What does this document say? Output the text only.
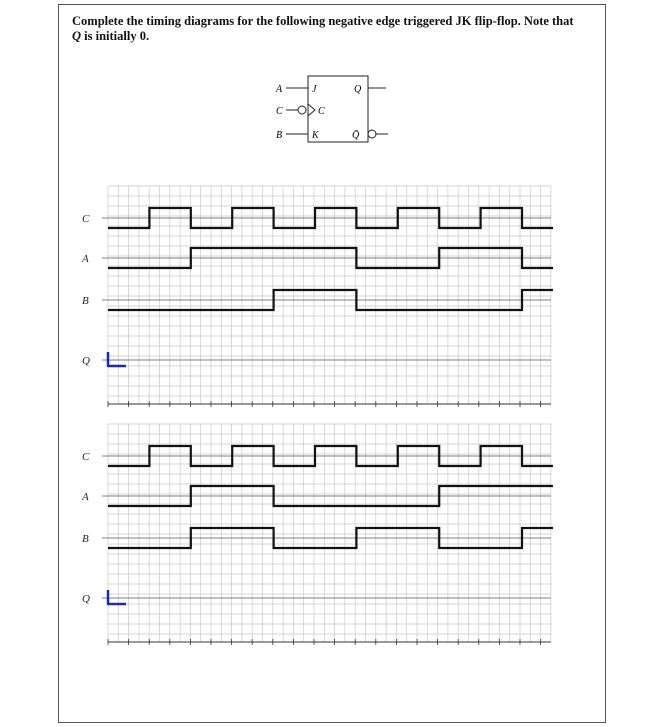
Complete the timing diagrams for the following negative edge triggered JK flip-flop. Note that
Q is initially 0.

A	J
C	C
B	K
Q
Q̄
C
A
B
Q
C
A
B
Q
